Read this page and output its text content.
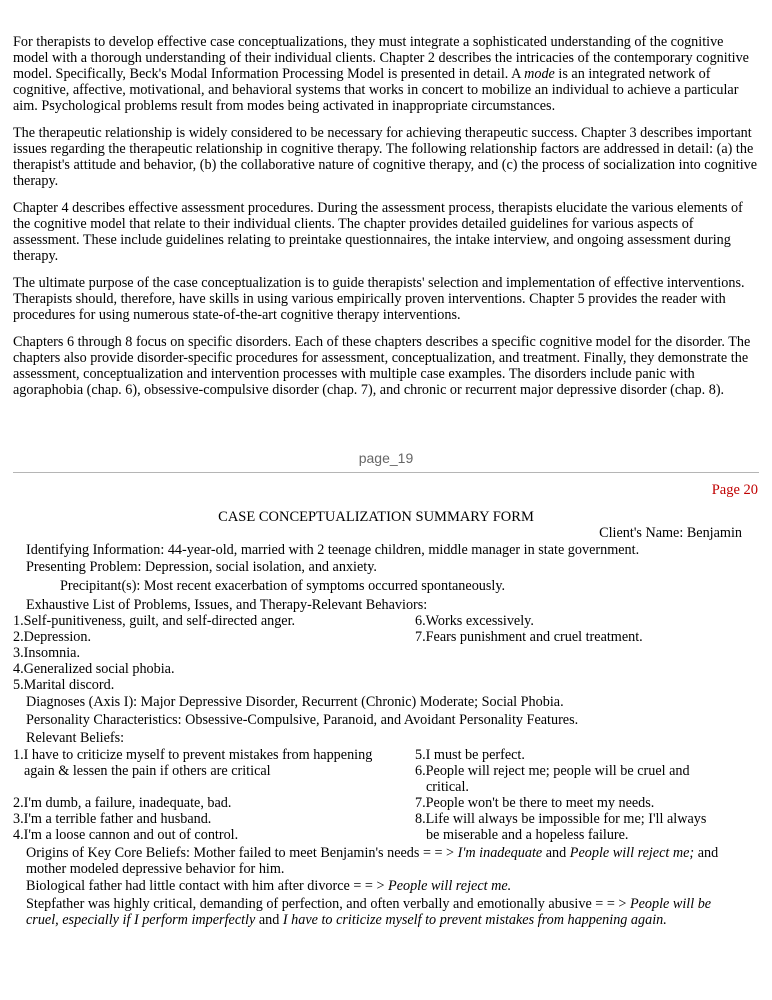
For therapists to develop effective case conceptualizations, they must integrate a sophisticated understanding of the cognitive model with a thorough understanding of their individual clients. Chapter 2 describes the intricacies of the contemporary cognitive model. Specifically, Beck's Modal Information Processing Model is presented in detail. A mode is an integrated network of cognitive, affective, motivational, and behavioral systems that works in concert to mobilize an individual to achieve a particular aim. Psychological problems result from modes being activated in inappropriate circumstances.

The therapeutic relationship is widely considered to be necessary for achieving therapeutic success. Chapter 3 describes important issues regarding the therapeutic relationship in cognitive therapy. The following relationship factors are addressed in detail: (a) the therapist's attitude and behavior, (b) the collaborative nature of cognitive therapy, and (c) the process of socialization into cognitive therapy.

Chapter 4 describes effective assessment procedures. During the assessment process, therapists elucidate the various elements of the cognitive model that relate to their individual clients. The chapter provides detailed guidelines for various aspects of assessment. These include guidelines relating to preintake questionnaires, the intake interview, and ongoing assessment during therapy.

The ultimate purpose of the case conceptualization is to guide therapists' selection and implementation of effective interventions. Therapists should, therefore, have skills in using various empirically proven interventions. Chapter 5 provides the reader with procedures for using numerous state-of-the-art cognitive therapy interventions.

Chapters 6 through 8 focus on specific disorders. Each of these chapters describes a specific cognitive model for the disorder. The chapters also provide disorder-specific procedures for assessment, conceptualization, and treatment. Finally, they demonstrate the assessment, conceptualization and intervention processes with multiple case examples. The disorders include panic with agoraphobia (chap. 6), obsessive-compulsive disorder (chap. 7), and chronic or recurrent major depressive disorder (chap. 8).

page_19
Page 20
CASE CONCEPTUALIZATION SUMMARY FORM
Client's Name: Benjamin
Identifying Information: 44-year-old, married with 2 teenage children, middle manager in state government.
Presenting Problem: Depression, social isolation, and anxiety.
Precipitant(s): Most recent exacerbation of symptoms occurred spontaneously.
Exhaustive List of Problems, Issues, and Therapy-Relevant Behaviors:
1.Self-punitiveness, guilt, and self-directed anger.
2.Depression.
3.Insomnia.
4.Generalized social phobia.
5.Marital discord.
6.Works excessively.
7.Fears punishment and cruel treatment.
Diagnoses (Axis I): Major Depressive Disorder, Recurrent (Chronic) Moderate; Social Phobia.
Personality Characteristics: Obsessive-Compulsive, Paranoid, and Avoidant Personality Features.
Relevant Beliefs:
1.I have to criticize myself to prevent mistakes from happening
again & lessen the pain if others are critical
2.I'm dumb, a failure, inadequate, bad.
3.I'm a terrible father and husband.
4.I'm a loose cannon and out of control.
5.I must be perfect.
6.People will reject me; people will be cruel and
critical.
7.People won't be there to meet my needs.
8.Life will always be impossible for me; I'll always
be miserable and a hopeless failure.
Origins of Key Core Beliefs: Mother failed to meet Benjamin's needs = = > I'm inadequate and People will reject me; and mother modeled depressive behavior for him.
Biological father had little contact with him after divorce = = > People will reject me.
Stepfather was highly critical, demanding of perfection, and often verbally and emotionally abusive = = > People will be cruel, especially if I perform imperfectly and I have to criticize myself to prevent mistakes from happening again.
